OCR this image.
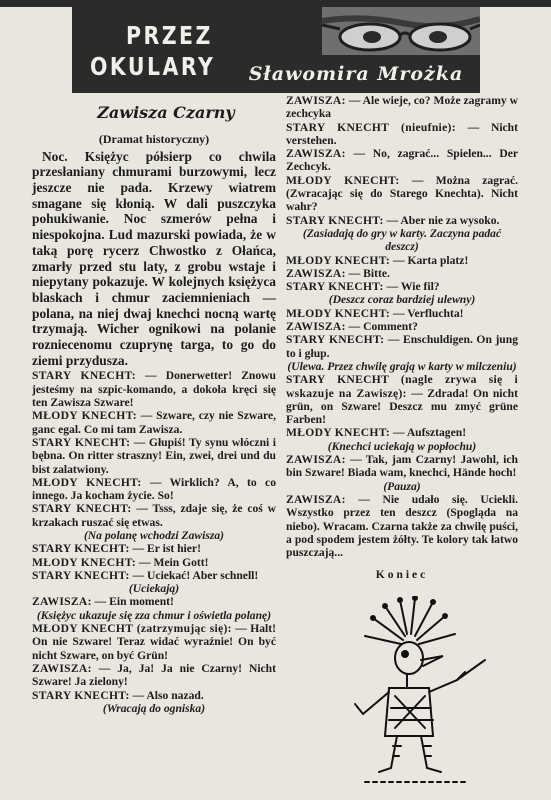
PRZEZ
OKULARY	Sławomira Mrożka
Zawisza Czarny
(Dramat historyczny)

Noc. Księżyc półsierp co chwila przesłaniany chmurami burzowymi, lecz jeszcze nie pada. Krzewy wiatrem smagane się kłonią. W dali puszczyka pohukiwanie. Noc szmerów pełna i niespokojna. Lud mazurski powiada, że w taką porę rycerz Chwostko z Ołańca, zmarły przed stu laty, z grobu wstaje i niepytany pokazuje. W kolejnych księżyca blaskach i chmur zaciemnieniach — polana, na niej dwaj knechci nocną wartę trzymają. Wicher ognikowi na polanie rozniecenomu czuprynę targa, to go do ziemi przydusza.

STARY KNECHT: — Donerwetter! Znowu jesteśmy na szpic-komando, a dokoła kręci się ten Zawisza Szware!

MŁODY KNECHT: — Szware, czy nie Szware, ganc egal. Co mi tam Zawisza.

STARY KNECHT: — Głupiś! Ty synu włóczni i bębna. On ritter straszny! Ein, zwei, drei und du bist zalatwiony.

MŁODY KNECHT: — Wirklich? A, to co innego. Ja kocham życie. So!

STARY KNECHT: — Tsss, zdaje się, że coś w krzakach ruszać się etwas.

(Na polanę wchodzi Zawisza)

STARY KNECHT: — Er ist hier!

MŁODY KNECHT: — Mein Gott!

STARY KNECHT: — Uciekać! Aber schnell!

(Uciekają)

ZAWISZA: — Ein moment!

(Księżyc ukazuje się zza chmur i oświetla polanę)

MŁODY KNECHT (zatrzymując się): — Halt! On nie Szware! Teraz widać wyraźnie! On być nicht Szware, on być Grün!

ZAWISZA: — Ja, Ja! Ja nie Czarny! Nicht Szware! Ja zielony!

STARY KNECHT: — Also nazad.

(Wracają do ogniska)

ZAWISZA: — Ale wieje, co? Może zagramy w zechcyka

STARY KNECHT (nieufnie): — Nicht verstehen.

ZAWISZA: — No, zagrać... Spielen... Der Zechcyk.

MŁODY KNECHT: — Można zagrać. (Zwracając się do Starego Knechta). Nicht wahr?

STARY KNECHT: — Aber nie za wysoko.

(Zasiadają do gry w karty. Zaczyna padać deszcz)

MŁODY KNECHT: — Karta platz!

ZAWISZA: — Bitte.

STARY KNECHT: — Wie fil?

(Deszcz coraz bardziej ulewny)

MŁODY KNECHT: — Verfluchta!

ZAWISZA: — Comment?

STARY KNECHT: — Enschuldigen. On jung to i głup.

(Ulewa. Przez chwilę grają w karty w milczeniu)

STARY KNECHT (nagle zrywa się i wskazuje na Zawiszę): — Zdrada! On nicht grün, on Szware! Deszcz mu zmyć grüne Farben!

MŁODY KNECHT: — Aufsztagen!

(Knechci uciekają w popłochu)

ZAWISZA: — Tak, jam Czarny! Jawohl, ich bin Szware! Biada wam, knechci, Hände hoch!

(Pauza)

ZAWISZA: — Nie udało się. Uciekli. Wszystko przez ten deszcz (Spogląda na niebo). Wracam. Czarna także za chwilę puści, a pod spodem jestem żółty. Te kolory tak łatwo puszczają...

Koniec
